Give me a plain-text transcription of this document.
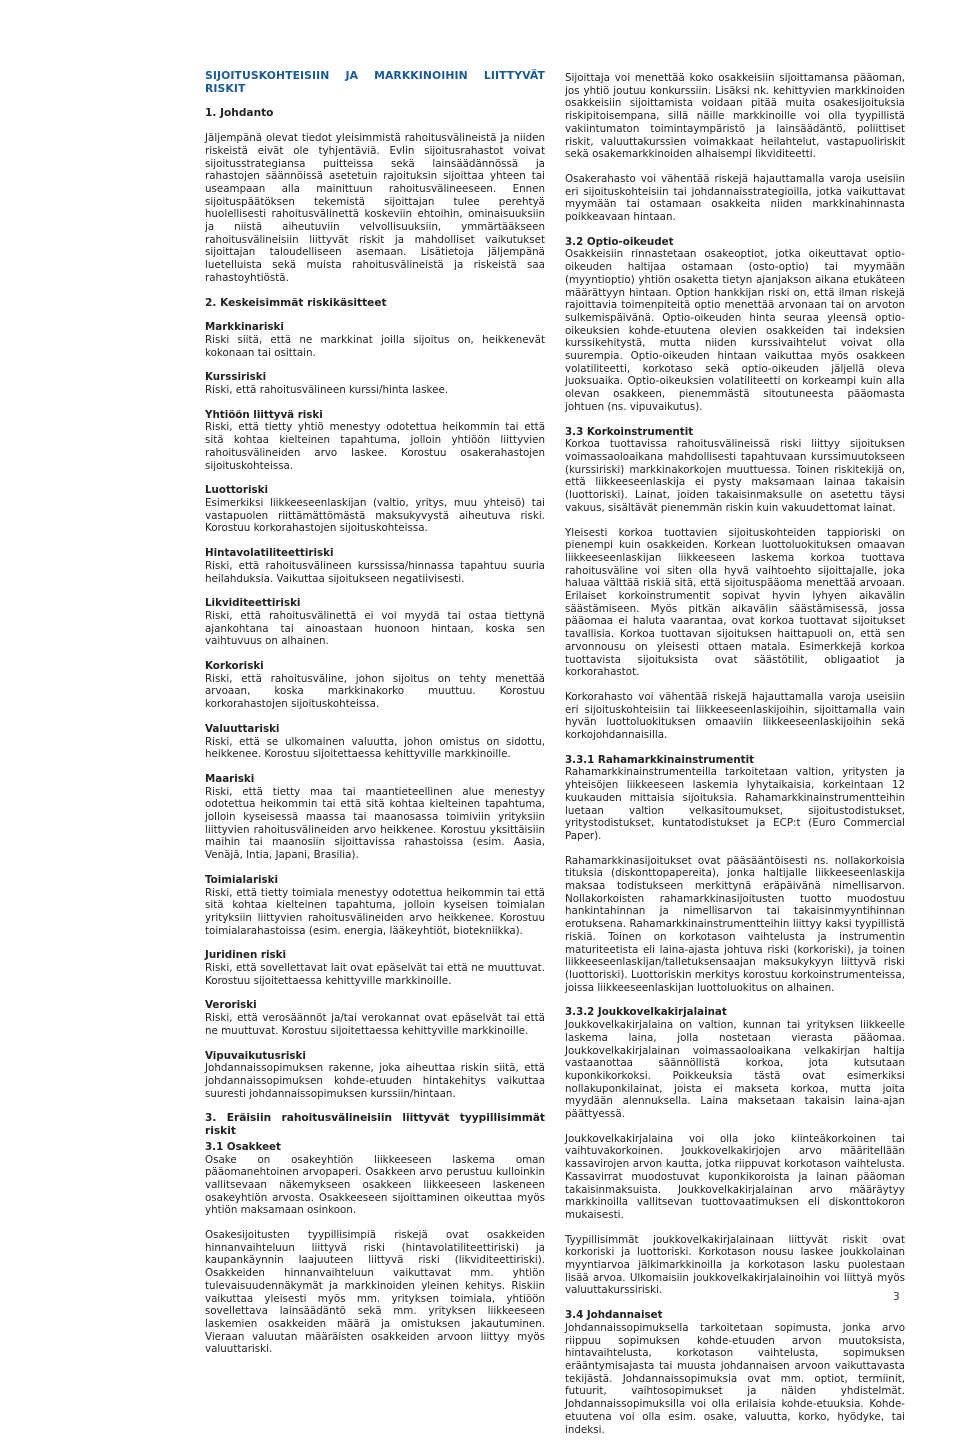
SIJOITUSKOHTEISIIN JA MARKKINOIHIN LIITTYVÄT RISKIT
1. Johdanto

Jäljempänä olevat tiedot yleisimmistä rahoitusvälineistä ja niiden riskeistä eivät ole tyhjentäviä. Evlin sijoitusrahastot voivat sijoitusstrategiansa puitteissa sekä lainsäädännössä ja rahastojen säännöissä asetetuin rajoituksin sijoittaa yhteen tai useampaan alla mainittuun rahoitusvälineeseen. Ennen sijoituspäätöksen tekemistä sijoittajan tulee perehtyä huolellisesti rahoitusvälinettä koskeviin ehtoihin, ominaisuuksiin ja niistä aiheutuviin velvollisuuksiin, ymmärtääkseen rahoitusvälineisiin liittyvät riskit ja mahdolliset vaikutukset sijoittajan taloudelliseen asemaan. Lisätietoja jäljempänä luetelluista sekä muista rahoitusvälineistä ja riskeistä saa rahastoyhtiöstä.

2. Keskeisimmät riskikäsitteet
Markkinariski

Riski siitä, että ne markkinat joilla sijoitus on, heikkenevät kokonaan tai osittain.

Kurssiriski

Riski, että rahoitusvälineen kurssi/hinta laskee.

Yhtiöön liittyvä riski

Riski, että tietty yhtiö menestyy odotettua heikommin tai että sitä kohtaa kielteinen tapahtuma, jolloin yhtiöön liittyvien rahoitusvälineiden arvo laskee. Korostuu osakerahastojen sijoituskohteissa.

Luottoriski

Esimerkiksi liikkeeseenlaskijan (valtio, yritys, muu yhteisö) tai vastapuolen riittämättömästä maksukyvystä aiheutuva riski. Korostuu korkorahastojen sijoituskohteissa.

Hintavolatiliteettiriski

Riski, että rahoitusvälineen kurssissa/hinnassa tapahtuu suuria heilahduksia. Vaikuttaa sijoitukseen negatiivisesti.

Likviditeettiriski

Riski, että rahoitusvälinettä ei voi myydä tai ostaa tiettynä ajankohtana tai ainoastaan huonoon hintaan, koska sen vaihtuvuus on alhainen.

Korkoriski

Riski, että rahoitusväline, johon sijoitus on tehty menettää arvoaan, koska markkinakorko muuttuu. Korostuu korkorahastojen sijoituskohteissa.

Valuuttariski

Riski, että se ulkomainen valuutta, johon omistus on sidottu, heikkenee. Korostuu sijoitettaessa kehittyville markkinoille.

Maariski

Riski, että tietty maa tai maantieteellinen alue menestyy odotettua heikommin tai että sitä kohtaa kielteinen tapahtuma, jolloin kyseisessä maassa tai maanosassa toimiviin yrityksiin liittyvien rahoitusvälineiden arvo heikkenee. Korostuu yksittäisiin maihin tai maanosiin sijoittavissa rahastoissa (esim. Aasia, Venäjä, Intia, Japani, Brasilia).

Toimialariski

Riski, että tietty toimiala menestyy odotettua heikommin tai että sitä kohtaa kielteinen tapahtuma, jolloin kyseisen toimialan yrityksiin liittyvien rahoitusvälineiden arvo heikkenee. Korostuu toimialarahastoissa (esim. energia, lääkeyhtiöt, biotekniikka).

Juridinen riski

Riski, että sovellettavat lait ovat epäselvät tai että ne muuttuvat. Korostuu sijoitettaessa kehittyville markkinoille.

Veroriski

Riski, että verosäännöt ja/tai verokannat ovat epäselvät tai että ne muuttuvat. Korostuu sijoitettaessa kehittyville markkinoille.

Vipuvaikutusriski

Johdannaissopimuksen rakenne, joka aiheuttaa riskin siitä, että johdannaissopimuksen kohde-etuuden hintakehitys vaikuttaa suuresti johdannaissopimuksen kurssiin/hintaan.

3. Eräisiin rahoitusvälineisiin liittyvät tyypillisimmät riskit
3.1 Osakkeet

Osake on osakeyhtiön liikkeeseen laskema oman pääomanehtoinen arvopaperi. Osakkeen arvo perustuu kulloinkin vallitsevaan näkemykseen osakkeen liikkeeseen laskeneen osakeyhtiön arvosta. Osakkeeseen sijoittaminen oikeuttaa myös yhtiön maksamaan osinkoon.

Osakesijoitusten tyypillisimpiä riskejä ovat osakkeiden hinnanvaihteluun liittyvä riski (hintavolatiliteettiriski) ja kaupankäynnin laajuuteen liittyvä riski (likviditeettiriski). Osakkeiden hinnanvaihteluun vaikuttavat mm. yhtiön tulevaisuudennäkymät ja markkinoiden yleinen kehitys. Riskiin vaikuttaa yleisesti myös mm. yrityksen toimiala, yhtiöön sovellettava lainsäädäntö sekä mm. yrityksen liikkeeseen laskemien osakkeiden määrä ja omistuksen jakautuminen. Vieraan valuutan määräisten osakkeiden arvoon liittyy myös valuuttariski.

Sijoittaja voi menettää koko osakkeisiin sijoittamansa pääoman, jos yhtiö joutuu konkurssiin. Lisäksi nk. kehittyvien markkinoiden osakkeisiin sijoittamista voidaan pitää muita osakesijoituksia riskipitoisempana, sillä näille markkinoille voi olla tyypillistä vakiintumaton toimintaympäristö ja lainsäädäntö, poliittiset riskit, valuuttakurssien voimakkaat heilahtelut, vastapuoliriskit sekä osakemarkkinoiden alhaisempi likviditeetti.

Osakerahasto voi vähentää riskejä hajauttamalla varoja useisiin eri sijoituskohteisiin tai johdannaisstrategioilla, jotka vaikuttavat myymään tai ostamaan osakkeita niiden markkinahinnasta poikkeavaan hintaan.

3.2 Optio-oikeudet

Osakkeisiin rinnastetaan osakeoptiot, jotka oikeuttavat optio-oikeuden haltijaa ostamaan (osto-optio) tai myymään (myyntioptio) yhtiön osaketta tietyn ajanjakson aikana etukäteen määrättyyn hintaan. Option hankkijan riski on, että ilman riskejä rajoittavia toimenpiteitä optio menettää arvonaan tai on arvoton sulkemispäivänä. Optio-oikeuden hinta seuraa yleensä optio-oikeuksien kohde-etuutena olevien osakkeiden tai indeksien kurssikehitystä, mutta niiden kurssivaihtelut voivat olla suurempia. Optio-oikeuden hintaan vaikuttaa myös osakkeen volatiliteetti, korkotaso sekä optio-oikeuden jäljellä oleva juoksuaika. Optio-oikeuksien volatiliteetti on korkeampi kuin alla olevan osakkeen, pienemmästä sitoutuneesta pääomasta johtuen (ns. vipuvaikutus).

3.3 Korkoinstrumentit

Korkoa tuottavissa rahoitusvälineissä riski liittyy sijoituksen voimassaoloaikana mahdollisesti tapahtuvaan kurssimuutokseen (kurssiriski) markkinakorkojen muuttuessa. Toinen riskitekijä on, että liikkeeseenlaskija ei pysty maksamaan lainaa takaisin (luottoriski). Lainat, joiden takaisinmaksulle on asetettu täysi vakuus, sisältävät pienemmän riskin kuin vakuudettomat lainat.

Yleisesti korkoa tuottavien sijoituskohteiden tappioriski on pienempi kuin osakkeiden. Korkean luottoluokituksen omaavan liikkeeseenlaskijan liikkeeseen laskema korkoa tuottava rahoitusväline voi siten olla hyvä vaihtoehto sijoittajalle, joka haluaa välttää riskiä sitä, että sijoituspääoma menettää arvoaan. Erilaiset korkoinstrumentit sopivat hyvin lyhyen aikavälin säästämiseen. Myös pitkän aikavälin säästämisessä, jossa pääomaa ei haluta vaarantaa, ovat korkoa tuottavat sijoitukset tavallisia. Korkoa tuottavan sijoituksen haittapuoli on, että sen arvonnousu on yleisesti ottaen matala. Esimerkkejä korkoa tuottavista sijoituksista ovat säästötilit, obligaatiot ja korkorahastot.

Korkorahasto voi vähentää riskejä hajauttamalla varoja useisiin eri sijoituskohteisiin tai liikkeeseenlaskijoihin, sijoittamalla vain hyvän luottoluokituksen omaaviin liikkeeseenlaskijoihin sekä korkojohdannaisilla.

3.3.1 Rahamarkkinainstrumentit

Rahamarkkinainstrumenteilla tarkoitetaan valtion, yritysten ja yhteisöjen liikkeeseen laskemia lyhytaikaisia, korkeintaan 12 kuukauden mittaisia sijoituksia. Rahamarkkinainstrumentteihin luetaan valtion velkasitoumukset, sijoitustodistukset, yritystodistukset, kuntatodistukset ja ECP:t (Euro Commercial Paper).

Rahamarkkinasijoitukset ovat pääsääntöisesti ns. nollakorkoisia tituksia (diskonttopapereita), jonka haltijalle liikkeeseenlaskija maksaa todistukseen merkittynä eräpäivänä nimellisarvon. Nollakorkoisten rahamarkkinasijoitusten tuotto muodostuu hankintahinnan ja nimellisarvon tai takaisinmyyntihinnan erotuksena. Rahamarkkinainstrumentteihin liittyy kaksi tyypillistä riskiä. Toinen on korkotason vaihtelusta ja instrumentin maturiteetista eli laina-ajasta johtuva riski (korkoriski), ja toinen liikkeeseenlaskijan/talletuksensaajan maksukykyyn liittyvä riski (luottoriski). Luottoriskin merkitys korostuu korkoinstrumenteissa, joissa liikkeeseenlaskijan luottoluokitus on alhainen.

3.3.2 Joukkovelkakirjalainat

Joukkovelkakirjalaina on valtion, kunnan tai yrityksen liikkeelle laskema laina, jolla nostetaan vierasta pääomaa. Joukkovelkakirjalainan voimassaoloaikana velkakirjan haltija vastaanottaa säännöllistä korkoa, jota kutsutaan kuponkikorkoksi. Poikkeuksia tästä ovat esimerkiksi nollakuponkilainat, joista ei makseta korkoa, mutta joita myydään alennuksella. Laina maksetaan takaisin laina-ajan päättyessä.

Joukkovelkakirjalaina voi olla joko kiinteäkorkoinen tai vaihtuvakorkoinen. Joukkovelkakirjojen arvo määritellään kassavirojen arvon kautta, jotka riippuvat korkotason vaihtelusta. Kassavirrat muodostuvat kuponkikoroista ja lainan pääoman takaisinmaksuista. Joukkovelkakirjalainan arvo määräytyy markkinoilla vallitsevan tuottovaatimuksen eli diskonttokoron mukaisesti.

Tyypillisimmät joukkovelkakirjalainaan liittyvät riskit ovat korkoriski ja luottoriski. Korkotason nousu laskee joukkolainan myyntiarvoa jälkimarkkinoilla ja korkotason lasku puolestaan lisää arvoa. Ulkomaisiin joukkovelkakirjalainoihin voi liittyä myös valuuttakurssiriski.

3.4 Johdannaiset

Johdannaissopimuksella tarkoitetaan sopimusta, jonka arvo riippuu sopimuksen kohde-etuuden arvon muutoksista, hintavaihtelusta, korkotason vaihtelusta, sopimuksen erääntymisajasta tai muusta johdannaisen arvoon vaikuttavasta tekijästä. Johdannaissopimuksia ovat mm. optiot, termiinit, futuurit, vaihtosopimukset ja näiden yhdistelmät. Johdannaissopimuksilla voi olla erilaisia kohde-etuuksia. Kohde-etuutena voi olla esim. osake, valuutta, korko, hyödyke, tai indeksi.

3
